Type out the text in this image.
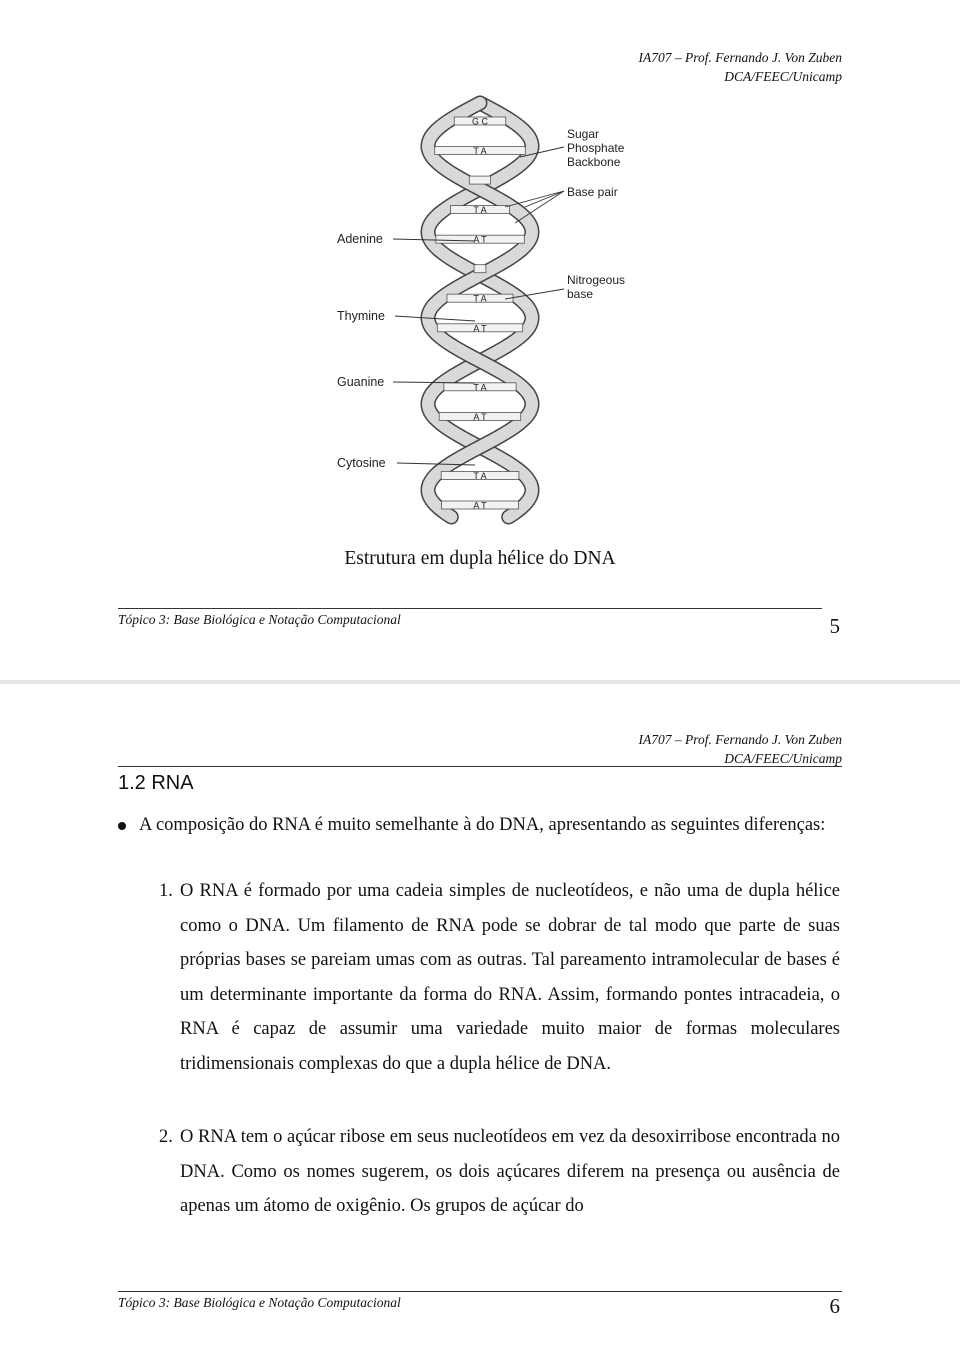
IA707 – Prof. Fernando J. Von Zuben
DCA/FEEC/Unicamp
G C
T A
T A
A T
T A
A T
T A
A T
T A
A T
Sugar
Phosphate
Backbone
Base pair
Nitrogeous
base
Adenine
Thymine
Guanine
Cytosine
Estrutura em dupla hélice do DNA
Tópico 3: Base Biológica e Notação Computacional	5
IA707 – Prof. Fernando J. Von Zuben
DCA/FEEC/Unicamp
1.2 RNA
A composição do RNA é muito semelhante à do DNA, apresentando as seguintes diferenças:
1. O RNA é formado por uma cadeia simples de nucleotídeos, e não uma de dupla hélice como o DNA. Um filamento de RNA pode se dobrar de tal modo que parte de suas próprias bases se pareiam umas com as outras. Tal pareamento intramolecular de bases é um determinante importante da forma do RNA. Assim, formando pontes intracadeia, o RNA é capaz de assumir uma variedade muito maior de formas moleculares tridimensionais complexas do que a dupla hélice de DNA.
2. O RNA tem o açúcar ribose em seus nucleotídeos em vez da desoxirribose encontrada no DNA. Como os nomes sugerem, os dois açúcares diferem na presença ou ausência de apenas um átomo de oxigênio. Os grupos de açúcar do
Tópico 3: Base Biológica e Notação Computacional	6
